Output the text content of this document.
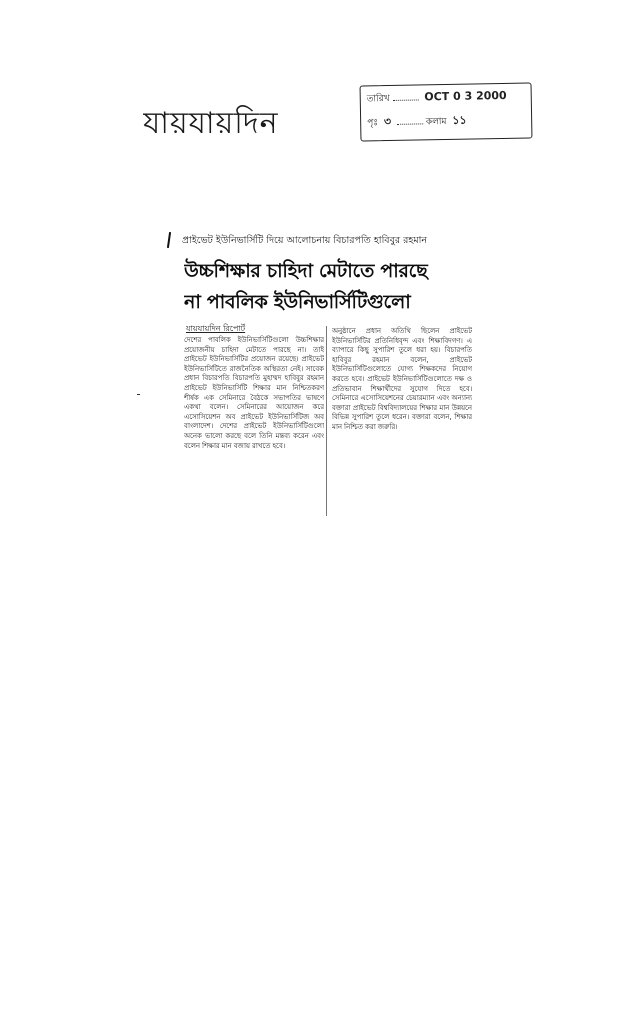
যায়যায়দিন
তারিখ	OCT 0 3 2000
পৃঃ ৩	কলাম ১১
প্রাইভেট ইউনিভার্সিটি দিয়ে আলোচনায় বিচারপতি হাবিবুর রহমান
উচ্চশিক্ষার চাহিদা মেটাতে পারছে
না পাবলিক ইউনিভার্সিটিগুলো
যায়যায়দিন রিপোর্ট

দেশের পাবলিক ইউনিভার্সিটিগুলো উচ্চশিক্ষার প্রয়োজনীয় চাহিদা মেটাতে পারছে না। তাই প্রাইভেট ইউনিভার্সিটির প্রয়োজন রয়েছে। প্রাইভেট ইউনিভার্সিটিতে রাজনৈতিক অস্থিরতা নেই। সাবেক প্রধান বিচারপতি বিচারপতি মুহাম্মদ হাবিবুর রহমান প্রাইভেট ইউনিভার্সিটি শিক্ষার মান নিশ্চিতকরণ শীর্ষক এক সেমিনারে বৈঠকে সভাপতির ভাষণে একথা বলেন। সেমিনারের আয়োজন করে এসোসিয়েশন অব প্রাইভেট ইউনিভার্সিটিজ অব বাংলাদেশ। দেশের প্রাইভেট ইউনিভার্সিটিগুলো অনেক ভালো করছে বলে তিনি মন্তব্য করেন এবং বলেন শিক্ষার মান বজায় রাখতে হবে।

অনুষ্ঠানে প্রধান অতিথি ছিলেন প্রাইভেট ইউনিভার্সিটির প্রতিনিধিবৃন্দ এবং শিক্ষাবিদগণ। এ ব্যাপারে কিছু সুপারিশ তুলে ধরা হয়। বিচারপতি হাবিবুর রহমান বলেন, প্রাইভেট ইউনিভার্সিটিগুলোতে যোগ্য শিক্ষকদের নিয়োগ করতে হবে। প্রাইভেট ইউনিভার্সিটিগুলোতে দক্ষ ও প্রতিভাবান শিক্ষার্থীদের সুযোগ দিতে হবে। সেমিনারে এসোসিয়েশনের চেয়ারম্যান এবং অন্যান্য বক্তারা প্রাইভেট বিশ্ববিদ্যালয়ের শিক্ষার মান উন্নয়নে বিভিন্ন সুপারিশ তুলে ধরেন। বক্তারা বলেন, শিক্ষার মান নিশ্চিত করা জরুরি।
